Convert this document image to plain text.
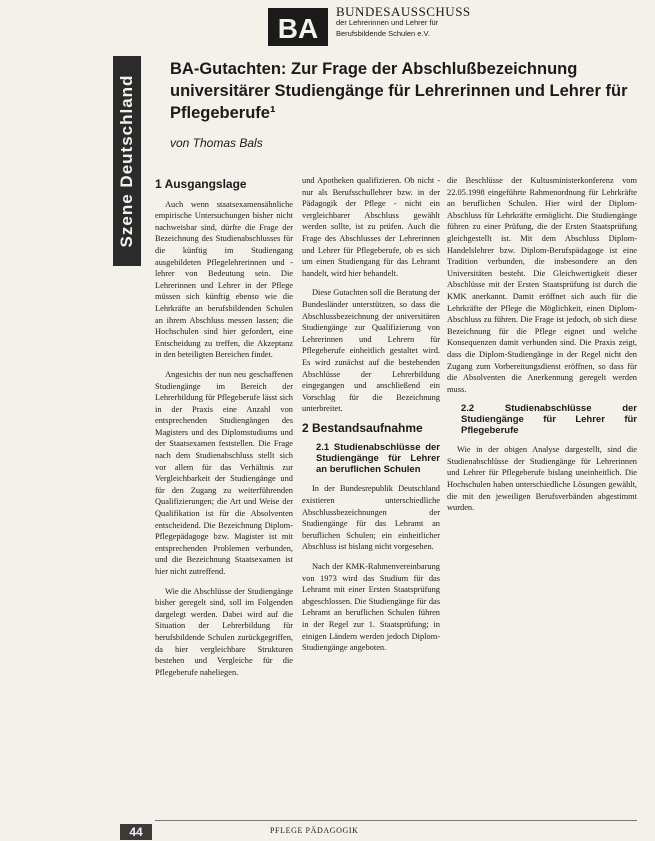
BA
BUNDESAUSSCHUSS
der Lehrerinnen und Lehrer für
Berufsbildende Schulen e.V.
Szene Deutschland
BA-Gutachten: Zur Frage der Abschlußbezeichnung universitärer Studiengänge für Lehrerinnen und Lehrer für Pflegeberufe¹
von Thomas Bals
1 Ausgangslage

Auch wenn staatsexamensähnliche empirische Untersuchungen bisher nicht nachweisbar sind, dürfte die Frage der Bezeichnung des Studienabschlusses für die künftig im Studiengang ausgebildeten Pflegelehrerinnen und -lehrer von Bedeutung sein. Die Lehrerinnen und Lehrer in der Pflege müssen sich künftig ebenso wie die Lehrkräfte an berufsbildenden Schulen an ihrem Abschluss messen lassen; die Hochschulen sind hier gefordert, eine Entscheidung zu treffen, die Akzeptanz in den beteiligten Bereichen findet.

Angesichts der nun neu geschaffenen Studiengänge im Bereich der Lehrerbildung für Pflegeberufe lässt sich in der Praxis eine Anzahl von entsprechenden Studiengängen des Magisters und des Diplomstudiums und der Staatsexamen feststellen. Die Frage nach dem Studienabschluss stellt sich vor allem für das Verhältnis zur Vergleichbarkeit der Studiengänge und für den Zugang zu weiterführenden Qualifizierungen; die Art und Weise der Qualifikation ist für die Absolventen entscheidend. Die Bezeichnung Diplom-Pflegepädagoge bzw. Magister ist mit entsprechenden Problemen verbunden, und die Bezeichnung Staatsexamen ist hier nicht zutreffend.

Wie die Abschlüsse der Studiengänge bisher geregelt sind, soll im Folgenden dargelegt werden. Dabei wird auf die Situation der Lehrerbildung für berufsbildende Schulen zurückgegriffen, da hier vergleichbare Strukturen bestehen und Vergleiche für die Pflegeberufe naheliegen.

und Apotheken qualifizieren. Ob nicht - nur als Berufsschullehrer bzw. in der Pädagogik der Pflege - nicht ein vergleichbarer Abschluss gewählt werden sollte, ist zu prüfen. Auch die Frage des Abschlusses der Lehrerinnen und Lehrer für Pflegeberufe, ob es sich um einen Studiengang für das Lehramt handelt, wird hier behandelt.

Diese Gutachten soll die Beratung der Bundesländer unterstützen, so dass die Abschlussbezeichnung der universitären Studiengänge zur Qualifizierung von Lehrerinnen und Lehrern für Pflegeberufe einheitlich gestaltet wird. Es wird zunächst auf die bestehenden Abschlüsse der Lehrerbildung eingegangen und anschließend ein Vorschlag für die Bezeichnung unterbreitet.

2 Bestandsaufnahme
2.1 Studienabschlüsse der Studiengänge für Lehrer an beruflichen Schulen

In der Bundesrepublik Deutschland existieren unterschiedliche Abschlussbezeichnungen der Studiengänge für das Lehramt an beruflichen Schulen; ein einheitlicher Abschluss ist bislang nicht vorgesehen.

Nach der KMK-Rahmenvereinbarung von 1973 wird das Studium für das Lehramt mit einer Ersten Staatsprüfung abgeschlossen. Die Studiengänge für das Lehramt an beruflichen Schulen führen in der Regel zur 1. Staatsprüfung; in einigen Ländern werden jedoch Diplom-Studiengänge angeboten.

die Beschlüsse der Kultusministerkonferenz vom 22.05.1998 eingeführte Rahmenordnung für Lehrkräfte an beruflichen Schulen. Hier wird der Diplom-Abschluss für Lehrkräfte ermöglicht. Die Studiengänge führen zu einer Prüfung, die der Ersten Staatsprüfung gleichgestellt ist. Mit dem Abschluss Diplom-Handelslehrer bzw. Diplom-Berufspädagoge ist eine Tradition verbunden, die insbesondere an den Universitäten besteht. Die Gleichwertigkeit dieser Abschlüsse mit der Ersten Staatsprüfung ist durch die KMK anerkannt. Damit eröffnet sich auch für die Lehrkräfte der Pflege die Möglichkeit, einen Diplom-Abschluss zu führen. Die Frage ist jedoch, ob sich diese Bezeichnung für die Pflege eignet und welche Konsequenzen damit verbunden sind. Die Praxis zeigt, dass die Diplom-Studiengänge in der Regel nicht den Zugang zum Vorbereitungsdienst eröffnen, so dass für die Absolventen die Anerkennung geregelt werden muss.

2.2 Studienabschlüsse der Studiengänge für Lehrer für Pflegeberufe

Wie in der obigen Analyse dargestellt, sind die Studienabschlüsse der Studiengänge für Lehrerinnen und Lehrer für Pflegeberufe bislang uneinheitlich. Die Hochschulen haben unterschiedliche Lösungen gewählt, die mit den jeweiligen Berufsverbänden abgestimmt wurden.

44	PFLEGE PÄDAGOGIK
